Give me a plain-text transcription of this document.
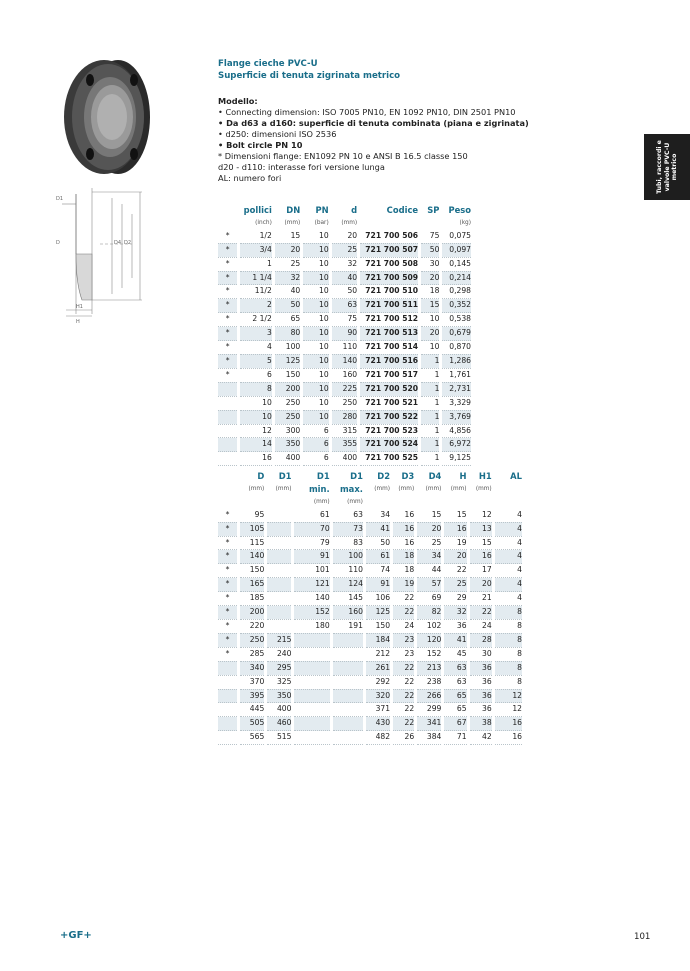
D1
D	D4 D2
H1
H
Flange cieche PVC-U
Superficie di tenuta zigrinata metrico
Modello:
• Connecting dimension: ISO 7005 PN10, EN 1092 PN10, DIN 2501 PN10
• Da d63 a d160: superficie di tenuta combinata (piana e zigrinata)
• d250: dimensioni ISO 2536
• Bolt circle PN 10
* Dimensioni flange: EN1092 PN 10 e ANSI B 16.5 classe 150
d20 - d110: interasse fori versione lunga
AL: numero fori	Tubi, raccordi e valvole PVC-U metrico
		pollici		DN		PN		d		Codice		SP		Peso
		(inch)		(mm)		(bar)		(mm)						(kg)
*		1/2		15		10		20		721 700 506		75		0,075
*		3/4		20		10		25		721 700 507		50		0,097
*		1		25		10		32		721 700 508		30		0,145
*		1 1/4		32		10		40		721 700 509		20		0,214
*		11/2		40		10		50		721 700 510		18		0,298
*		2		50		10		63		721 700 511		15		0,352
*		2 1/2		65		10		75		721 700 512		10		0,538
*		3		80		10		90		721 700 513		20		0,679
*		4		100		10		110		721 700 514		10		0,870
*		5		125		10		140		721 700 516		1		1,286
*		6		150		10		160		721 700 517		1		1,761
		8		200		10		225		721 700 520		1		2,731
		10		250		10		250		721 700 521		1		3,329
		10		250		10		280		721 700 522		1		3,769
		12		300		6		315		721 700 523		1		4,856
		14		350		6		355		721 700 524		1		6,972
		16		400		6		400		721 700 525		1		9,125
		D		D1		D1		D1		D2		D3		D4		H		H1		AL
		(mm)		(mm)		min.		max.		(mm)		(mm)		(mm)		(mm)		(mm)		
						(mm)		(mm)												
*		95				61		63		34		16		15		15		12		4
*		105				70		73		41		16		20		16		13		4
*		115				79		83		50		16		25		19		15		4
*		140				91		100		61		18		34		20		16		4
*		150				101		110		74		18		44		22		17		4
*		165				121		124		91		19		57		25		20		4
*		185				140		145		106		22		69		29		21		4
*		200				152		160		125		22		82		32		22		8
*		220				180		191		150		24		102		36		24		8
*		250		215						184		23		120		41		28		8
*		285		240						212		23		152		45		30		8
		340		295						261		22		213		63		36		8
		370		325						292		22		238		63		36		8
		395		350						320		22		266		65		36		12
		445		400						371		22		299		65		36		12
		505		460						430		22		341		67		38		16
		565		515						482		26		384		71		42		16
+GF+	101
